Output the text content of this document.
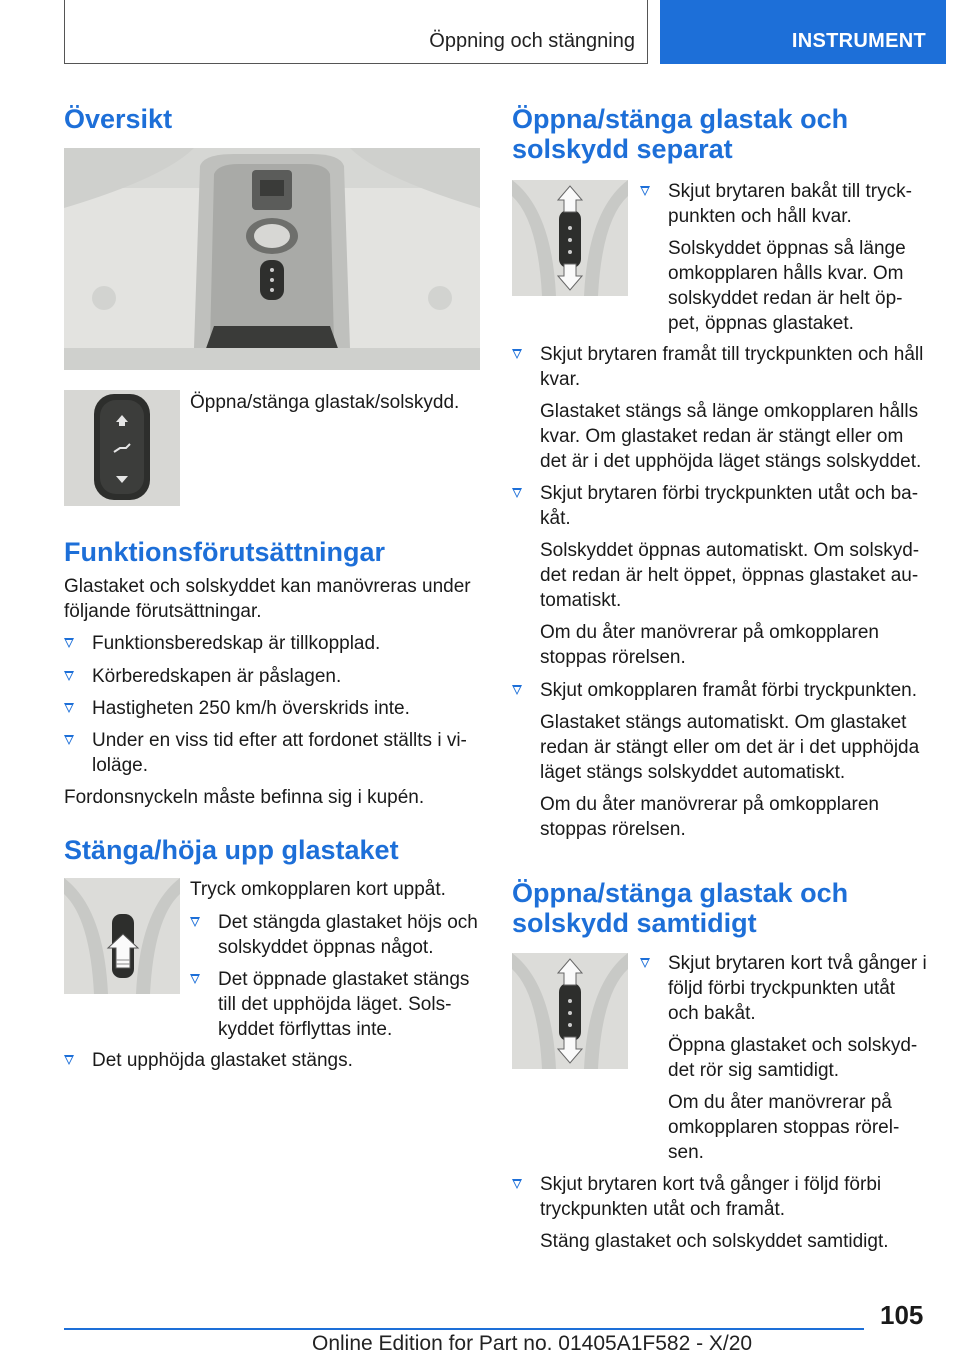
Öppning och stängning	INSTRUMENT
Översikt
Öppna/stänga glastak/solskydd.
Funktionsförutsättningar
Glastaket och solskyddet kan manövreras under följande förutsättningar.
Funktionsberedskap är tillkopplad.
Körberedskapen är påslagen.
Hastigheten 250 km/h överskrids inte.
Under en viss tid efter att fordonet ställts i vi‐loläge.
Fordonsnyckeln måste befinna sig i kupén.
Stänga/höja upp glastaket
Tryck omkopplaren kort uppåt.
Det stängda glastaket höjs och solskyddet öppnas något.
Det öppnade glastaket stängs till det upphöjda läget. Sols‐kyddet förflyttas inte.
Det upphöjda glastaket stängs.
Öppna/stänga glastak och solskydd separat
Skjut brytaren bakåt till tryck‐punkten och håll kvar.
Solskyddet öppnas så länge omkopplaren hålls kvar. Om solskyddet redan är helt öp‐pet, öppnas glastaket.
Skjut brytaren framåt till tryckpunkten och håll kvar.
Glastaket stängs så länge omkopplaren hålls kvar. Om glastaket redan är stängt eller om det är i det upphöjda läget stängs solskyddet.
Skjut brytaren förbi tryckpunkten utåt och ba‐kåt.
Solskyddet öppnas automatiskt. Om solskyd‐det redan är helt öppet, öppnas glastaket au‐tomatiskt.
Om du åter manövrerar på omkopplaren stoppas rörelsen.
Skjut omkopplaren framåt förbi tryckpunkten.
Glastaket stängs automatiskt. Om glastaket redan är stängt eller om det är i det upphöjda läget stängs solskyddet automatiskt.
Om du åter manövrerar på omkopplaren stoppas rörelsen.
Öppna/stänga glastak och solskydd samtidigt
Skjut brytaren kort två gånger i följd förbi tryckpunkten utåt och bakåt.
Öppna glastaket och solskyd‐det rör sig samtidigt.
Om du åter manövrerar på omkopplaren stoppas rörel‐sen.
Skjut brytaren kort två gånger i följd förbi tryckpunkten utåt och framåt.
Stäng glastaket och solskyddet samtidigt.
105
Online Edition for Part no. 01405A1F582 - X/20
